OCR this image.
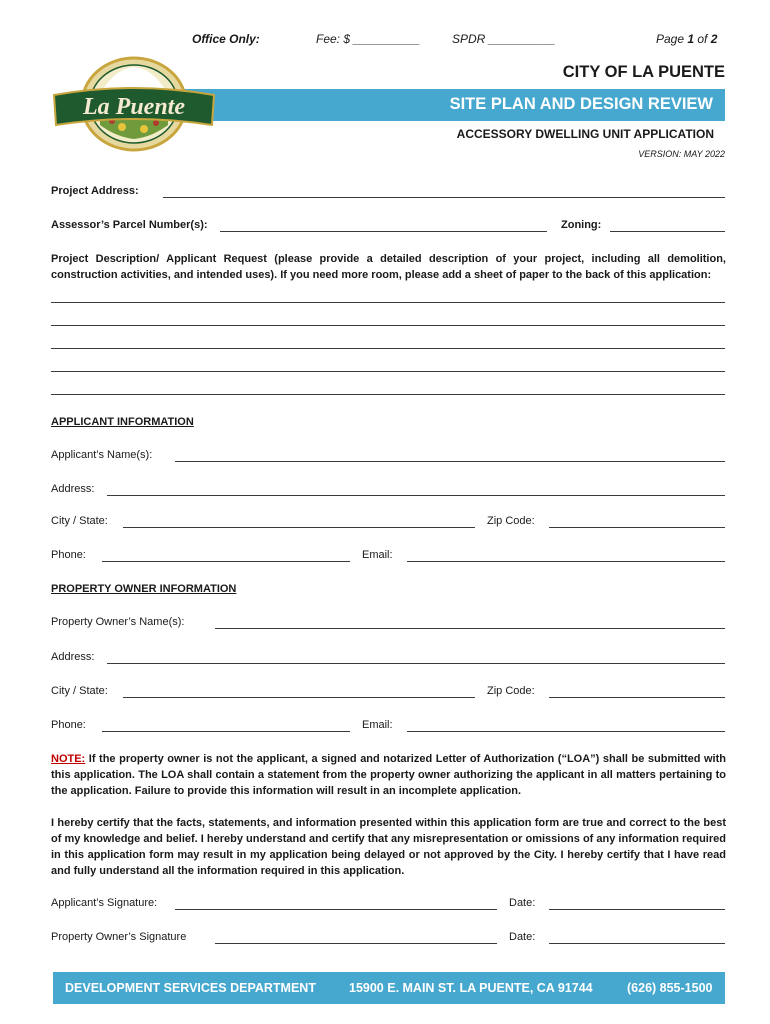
Office Only:	Fee: $ __________	SPDR __________	Page 1 of 2
SITE PLAN AND DESIGN REVIEW
La Puente
CITY OF LA PUENTE
ACCESSORY DWELLING UNIT APPLICATION
VERSION: MAY 2022
Project Address:
Assessor’s Parcel Number(s):	Zoning:
Project Description/ Applicant Request (please provide a detailed description of your project, including all demolition, construction activities, and intended uses). If you need more room, please add a sheet of paper to the back of this application:
APPLICANT INFORMATION
Applicant’s Name(s):
Address:
City / State:	Zip Code:
Phone:	Email:
PROPERTY OWNER INFORMATION
Property Owner’s Name(s):
Address:
City / State:	Zip Code:
Phone:	Email:
NOTE: If the property owner is not the applicant, a signed and notarized Letter of Authorization (“LOA”) shall be submitted with this application. The LOA shall contain a statement from the property owner authorizing the applicant in all matters pertaining to the application. Failure to provide this information will result in an incomplete application.
I hereby certify that the facts, statements, and information presented within this application form are true and correct to the best of my knowledge and belief. I hereby understand and certify that any misrepresentation or omissions of any information required in this application form may result in my application being delayed or not approved by the City. I hereby certify that I have read and fully understand all the information required in this application.
Applicant’s Signature:	Date:
Property Owner’s Signature	Date:
DEVELOPMENT SERVICES DEPARTMENT	15900 E. MAIN ST. LA PUENTE, CA 91744	(626) 855-1500
